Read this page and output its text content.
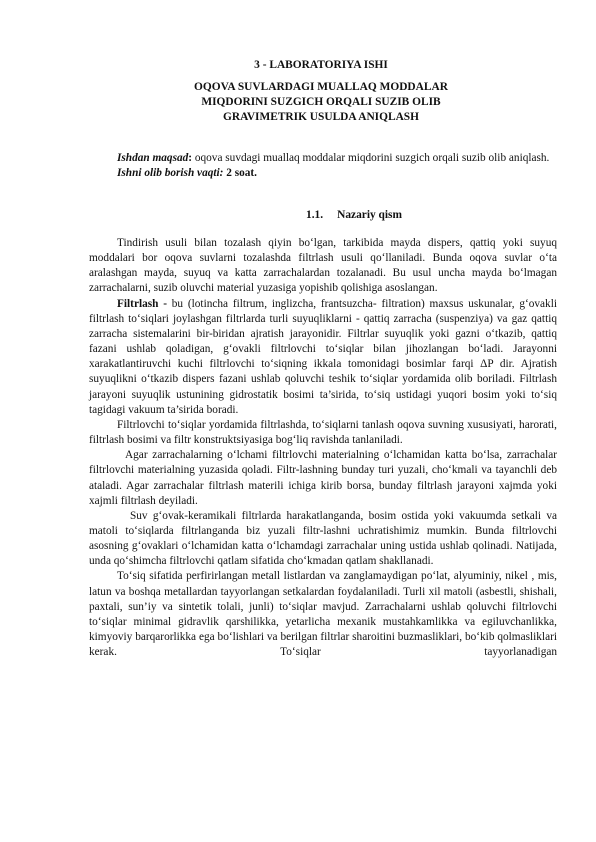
3 - LABORATORIYA ISHI

OQOVA SUVLARDAGI MUALLAQ MODDALAR
MIQDORINI SUZGICH ORQALI SUZIB OLIB
GRAVIMETRIK USULDA ANIQLASH

Ishdan maqsad: oqova suvdagi muallaq moddalar miqdorini suzgich orqali suzib olib aniqlash.

Ishni olib borish vaqti: 2 soat.

1.1. Nazariy qism

Tindirish usuli bilan tozalash qiyin bo‘lgan, tarkibida mayda dispers, qattiq yoki suyuq moddalari bor oqova suvlarni tozalashda filtrlash usuli qo‘llaniladi. Bunda oqova suvlar o‘ta aralashgan mayda, suyuq va katta zarrachalardan tozalanadi. Bu usul uncha mayda bo‘lmagan zarrachalarni, suzib oluvchi material yuzasiga yopishib qolishiga asoslangan.

Filtrlash - bu (lotincha filtrum, inglizcha, frantsuzcha- filtration) maxsus uskunalar, g‘ovakli filtrlash to‘siqlari joylashgan filtrlarda turli suyuqliklarni - qattiq zarracha (suspenziya) va gaz qattiq zarracha sistemalarini bir-biridan ajratish jarayonidir. Filtrlar suyuqlik yoki gazni o‘tkazib, qattiq fazani ushlab qoladigan, g‘ovakli filtrlovchi to‘siqlar bilan jihozlangan bo‘ladi. Jarayonni xarakatlantiruvchi kuchi filtrlovchi to‘siqning ikkala tomonidagi bosimlar farqi ΔP dir. Ajratish suyuqlikni o‘tkazib dispers fazani ushlab qoluvchi teshik to‘siqlar yordamida olib boriladi. Filtrlash jarayoni suyuqlik ustunining gidrostatik bosimi ta’sirida, to‘siq ustidagi yuqori bosim yoki to‘siq tagidagi vakuum ta’sirida boradi.

Filtrlovchi to‘siqlar yordamida filtrlashda, to‘siqlarni tanlash oqova suvning xususiyati, harorati, filtrlash bosimi va filtr konstruktsiyasiga bog‘liq ravishda tanlaniladi.

Agar zarrachalarning o‘lchami filtrlovchi materialning o‘lchamidan katta bo‘lsa, zarrachalar filtrlovchi materialning yuzasida qoladi. Filtr-lashning bunday turi yuzali, cho‘kmali va tayanchli deb ataladi. Agar zarrachalar filtrlash materili ichiga kirib borsa, bunday filtrlash jarayoni xajmda yoki xajmli filtrlash deyiladi.

Suv g‘ovak-keramikali filtrlarda harakatlanganda, bosim ostida yoki vakuumda setkali va matoli to‘siqlarda filtrlanganda biz yuzali filtr-lashni uchratishimiz mumkin. Bunda filtrlovchi asosning g‘ovaklari o‘lchamidan katta o‘lchamdagi zarrachalar uning ustida ushlab qolinadi. Natijada, unda qo‘shimcha filtrlovchi qatlam sifatida cho‘kmadan qatlam shakllanadi.

To‘siq sifatida perfirirlangan metall listlardan va zanglamaydigan po‘lat, alyuminiy, nikel , mis, latun va boshqa metallardan tayyorlangan setkalardan foydalaniladi. Turli xil matoli (asbestli, shishali, paxtali, sun’iy va sintetik tolali, junli) to‘siqlar mavjud. Zarrachalarni ushlab qoluvchi filtrlovchi to‘siqlar minimal gidravlik qarshilikka, yetarlicha mexanik mustahkamlikka va egiluvchanlikka, kimyoviy barqarorlikka ega bo‘lishlari va berilgan filtrlar sharoitini buzmasliklari, bo‘kib qolmasliklari kerak. To‘siqlar tayyorlanadigan
